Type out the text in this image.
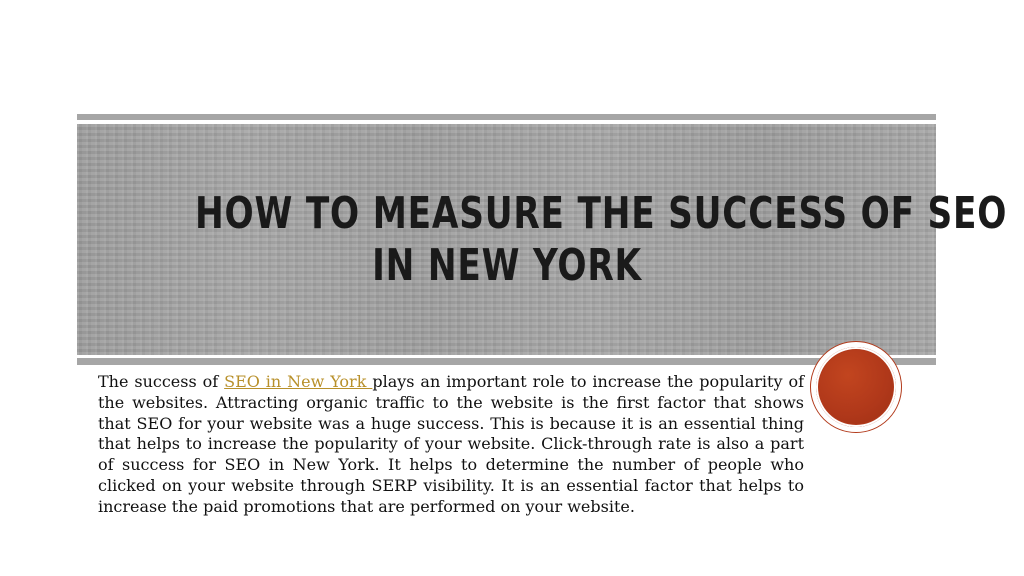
HOW TO MEASURE THE SUCCESS OF SEO
IN NEW YORK

The success of SEO in New York plays an important role to increase the popularity of the websites. Attracting organic traffic to the website is the first factor that shows that SEO for your website was a huge success. This is because it is an essential thing that helps to increase the popularity of your website. Click-through rate is also a part of success for SEO in New York. It helps to determine the number of people who clicked on your website through SERP visibility. It is an essential factor that helps to increase the paid promotions that are performed on your website.
